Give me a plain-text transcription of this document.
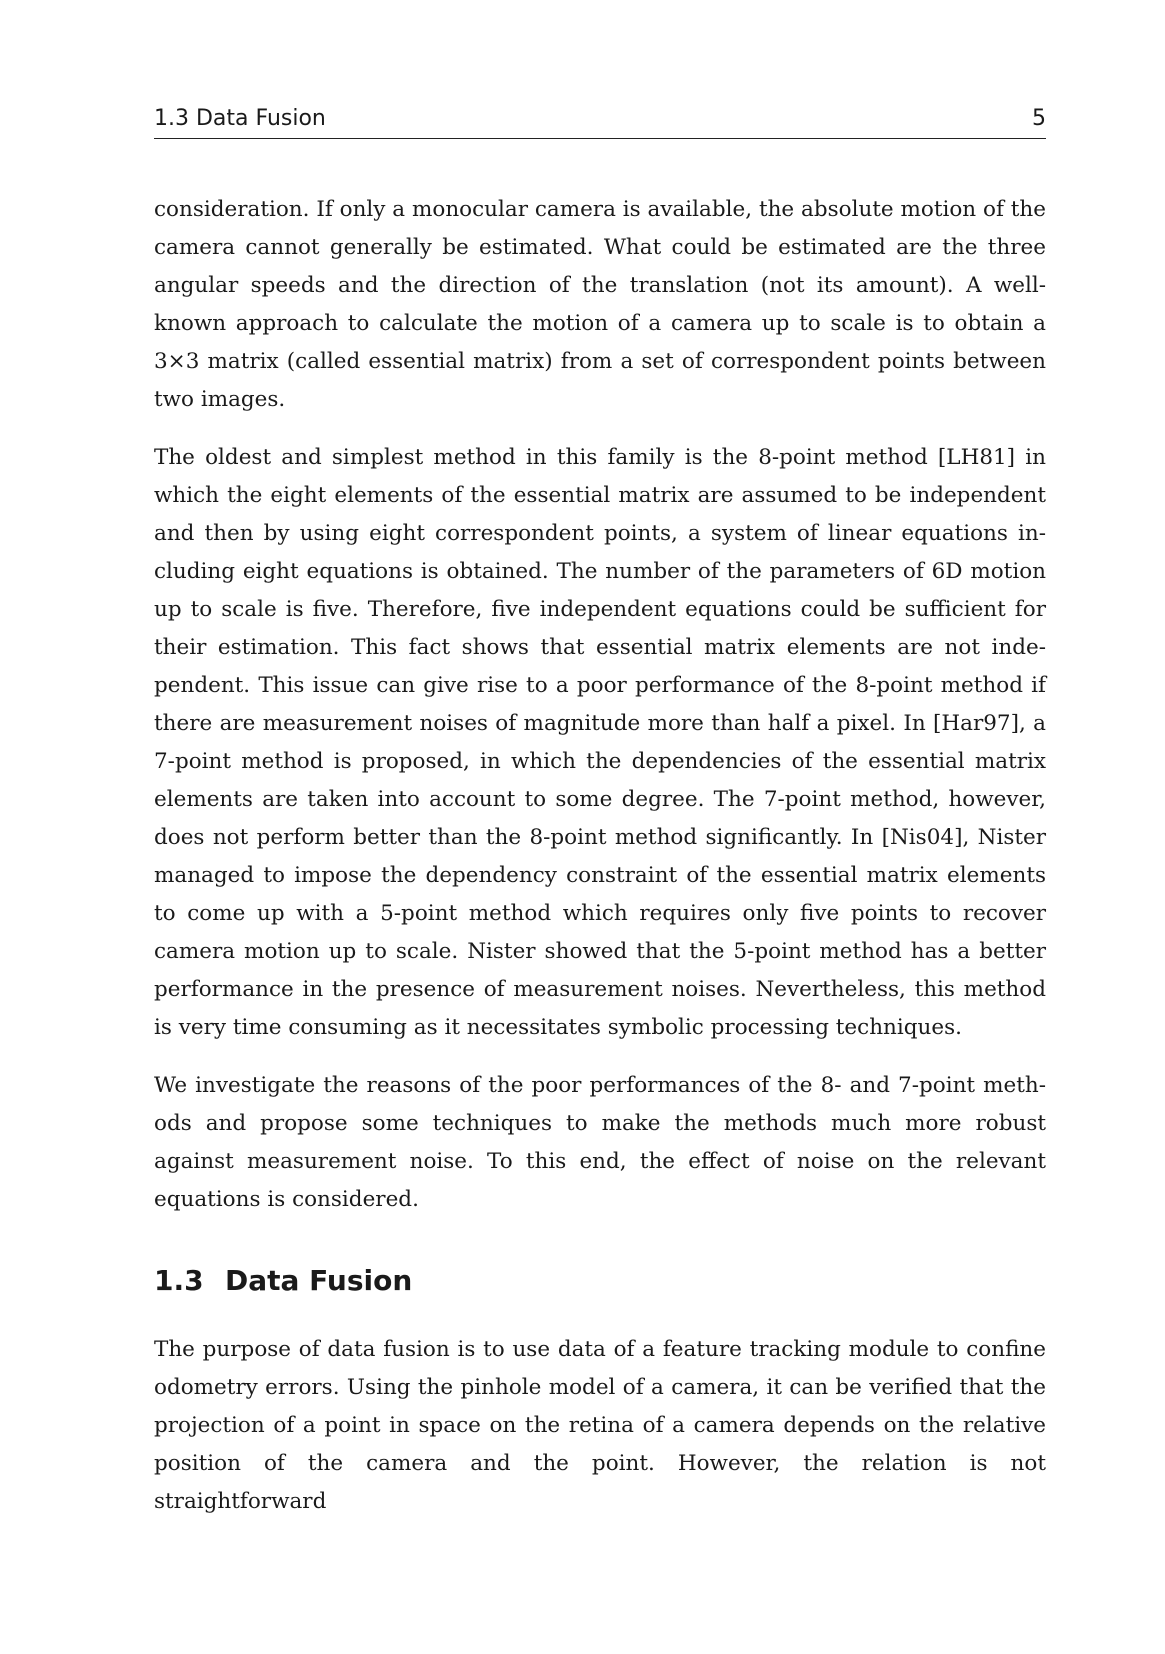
1.3 Data Fusion	5

consideration. If only a monocular camera is available, the absolute motion of the camera cannot generally be estimated. What could be estimated are the three angular speeds and the direction of the translation (not its amount). A well-known approach to calculate the motion of a camera up to scale is to obtain a 3×3 matrix (called essential matrix) from a set of correspondent points between two images.

The oldest and simplest method in this family is the 8-point method [LH81] in which the eight elements of the essential matrix are assumed to be independent and then by using eight correspondent points, a system of linear equations including eight equations is obtained. The number of the parameters of 6D motion up to scale is five. Therefore, five independent equations could be sufficient for their estimation. This fact shows that essential matrix elements are not independent. This issue can give rise to a poor performance of the 8-point method if there are measurement noises of magnitude more than half a pixel. In [Har97], a 7-point method is proposed, in which the dependencies of the essential matrix elements are taken into account to some degree. The 7-point method, however, does not perform better than the 8-point method significantly. In [Nis04], Nister managed to impose the dependency constraint of the essential matrix elements to come up with a 5-point method which requires only five points to recover camera motion up to scale. Nister showed that the 5-point method has a better performance in the presence of measurement noises. Nevertheless, this method is very time consuming as it necessitates symbolic processing techniques.

We investigate the reasons of the poor performances of the 8- and 7-point methods and propose some techniques to make the methods much more robust against measurement noise. To this end, the effect of noise on the relevant equations is considered.

1.3 Data Fusion

The purpose of data fusion is to use data of a feature tracking module to confine odometry errors. Using the pinhole model of a camera, it can be verified that the projection of a point in space on the retina of a camera depends on the relative position of the camera and the point. However, the relation is not straightforward
